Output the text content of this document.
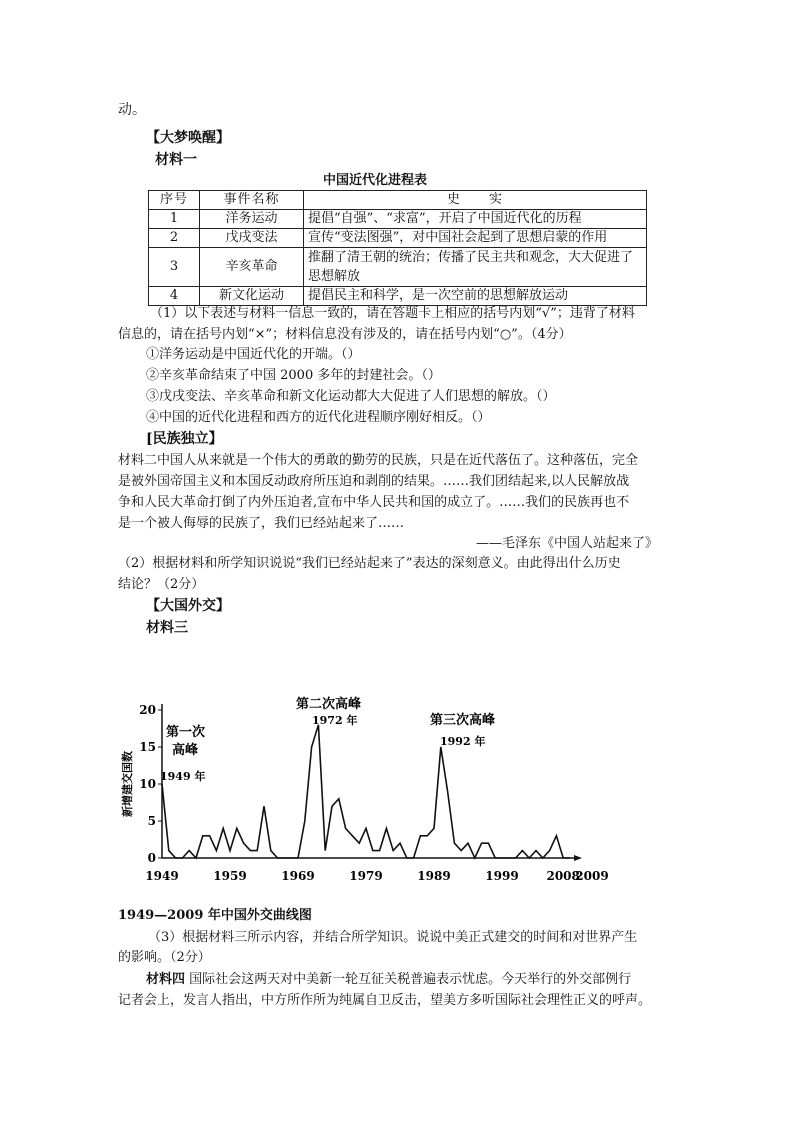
动。
【大梦唤醒】
材料一
中国近代化进程表
序号	事件名称	史　　实
1	洋务运动	提倡“自强”、“求富”，开启了中国近代化的历程
2	戊戌变法	宣传“变法图强”，对中国社会起到了思想启蒙的作用
3	辛亥革命	推翻了清王朝的统治；传播了民主共和观念，大大促进了思想解放
4	新文化运动	提倡民主和科学，是一次空前的思想解放运动
（1）以下表述与材料一信息一致的，请在答题卡上相应的括号内划“√”；违背了材料
信息的，请在括号内划“×”；材料信息没有涉及的，请在括号内划“○”。（4分）
①洋务运动是中国近代化的开端。（）
②辛亥革命结束了中国 2000 多年的封建社会。（）
③戊戌变法、辛亥革命和新文化运动都大大促进了人们思想的解放。（）
④中国的近代化进程和西方的近代化进程顺序刚好相反。（）
[民族独立】
材料二中国人从来就是一个伟大的勇敢的勤劳的民族，只是在近代落伍了。这种落伍，完全
是被外国帝国主义和本国反动政府所压迫和剥削的结果。……我们团结起来,以人民解放战
争和人民大革命打倒了内外压迫者,宣布中华人民共和国的成立了。……我们的民族再也不
是一个被人侮辱的民族了，我们已经站起来了……
——毛泽东《中国人站起来了》
（2）根据材料和所学知识说说“我们已经站起来了”表达的深刻意义。由此得出什么历史
结论？（2分）
【大国外交】
材料三
0
5
10
15
20
1949	1959	1969	1979	1989	1999 2008
2009
新增建交国数
第一次
高峰
1949 年
第二次高峰
1972 年	第三次高峰
1992 年
1949—2009 年中国外交曲线图
（3）根据材料三所示内容，并结合所学知识。说说中美正式建交的时间和对世界产生
的影响。（2分）
材料四 国际社会这两天对中美新一轮互征关税普遍表示忧虑。今天举行的外交部例行
记者会上，发言人指出，中方所作所为纯属自卫反击，望美方多听国际社会理性正义的呼声。
